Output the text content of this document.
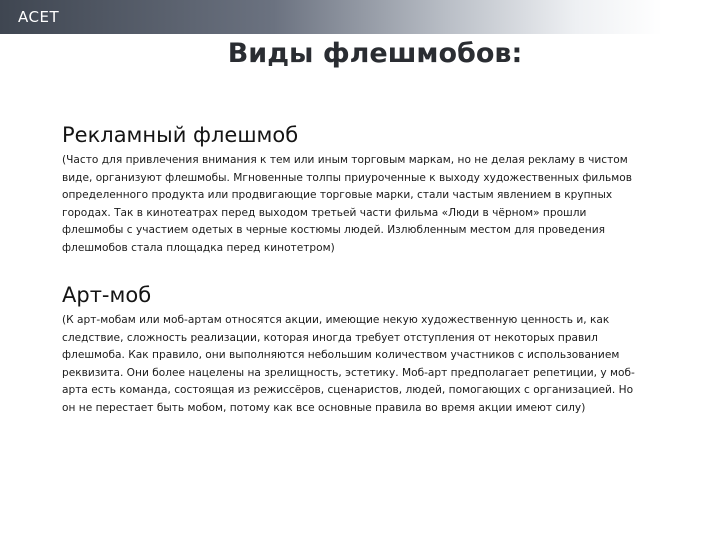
ACET
Виды флешмобов:
Рекламный флешмоб

(Часто для привлечения внимания к тем или иным торговым маркам, но не делая рекламу в чистом виде, организуют флешмобы. Мгновенные толпы приуроченные к выходу художественных фильмов определенного продукта или продвигающие торговые марки, стали частым явлением в крупных городах. Так в кинотеатрах перед выходом третьей части фильма «Люди в чёрном» прошли флешмобы с участием одетых в черные костюмы людей. Излюбленным местом для проведения флешмобов стала площадка перед кинотетром)

Арт-моб

(К арт-мобам или моб-артам относятся акции, имеющие некую художественную ценность и, как следствие, сложность реализации, которая иногда требует отступления от некоторых правил флешмоба. Как правило, они выполняются небольшим количеством участников с использованием реквизита. Они более нацелены на зрелищность, эстетику. Моб-арт предполагает репетиции, у моб-арта есть команда, состоящая из режиссёров, сценаристов, людей, помогающих с организацией. Но он не перестает быть мобом, потому как все основные правила во время акции имеют силу)
